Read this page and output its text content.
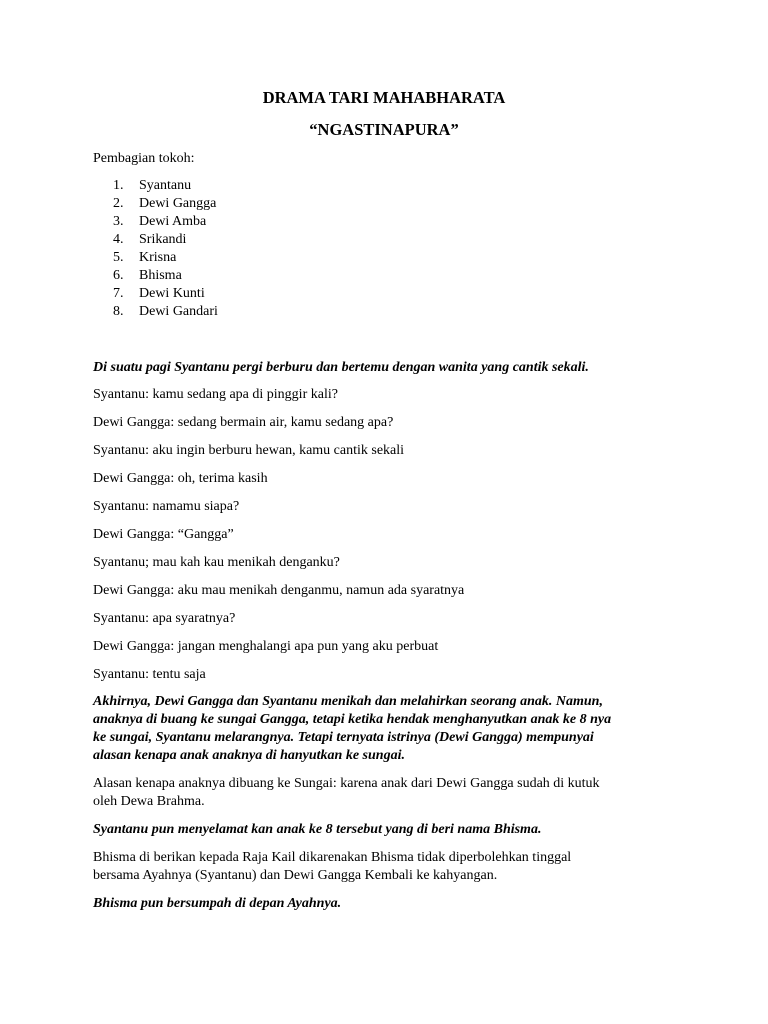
DRAMA TARI MAHABHARATA
“NGASTINAPURA”

Pembagian tokoh:

1. Syantanu
2. Dewi Gangga
3. Dewi Amba
4. Srikandi
5. Krisna
6. Bhisma
7. Dewi Kunti
8. Dewi Gandari

Di suatu pagi Syantanu pergi berburu dan bertemu dengan wanita yang cantik sekali.

Syantanu: kamu sedang apa di pinggir kali?

Dewi Gangga: sedang bermain air, kamu sedang apa?

Syantanu: aku ingin berburu hewan, kamu cantik sekali

Dewi Gangga: oh, terima kasih

Syantanu: namamu siapa?

Dewi Gangga: “Gangga”

Syantanu; mau kah kau menikah denganku?

Dewi Gangga: aku mau menikah denganmu, namun ada syaratnya

Syantanu: apa syaratnya?

Dewi Gangga: jangan menghalangi apa pun yang aku perbuat

Syantanu: tentu saja

Akhirnya, Dewi Gangga dan Syantanu menikah dan melahirkan seorang anak. Namun,

anaknya di buang ke sungai Gangga, tetapi ketika hendak menghanyutkan anak ke 8 nya

ke sungai, Syantanu melarangnya. Tetapi ternyata istrinya (Dewi Gangga) mempunyai

alasan kenapa anak anaknya di hanyutkan ke sungai.

Alasan kenapa anaknya dibuang ke Sungai: karena anak dari Dewi Gangga sudah di kutuk

oleh Dewa Brahma.

Syantanu pun menyelamat kan anak ke 8 tersebut yang di beri nama Bhisma.

Bhisma di berikan kepada Raja Kail dikarenakan Bhisma tidak diperbolehkan tinggal

bersama Ayahnya (Syantanu) dan Dewi Gangga Kembali ke kahyangan.

Bhisma pun bersumpah di depan Ayahnya.
